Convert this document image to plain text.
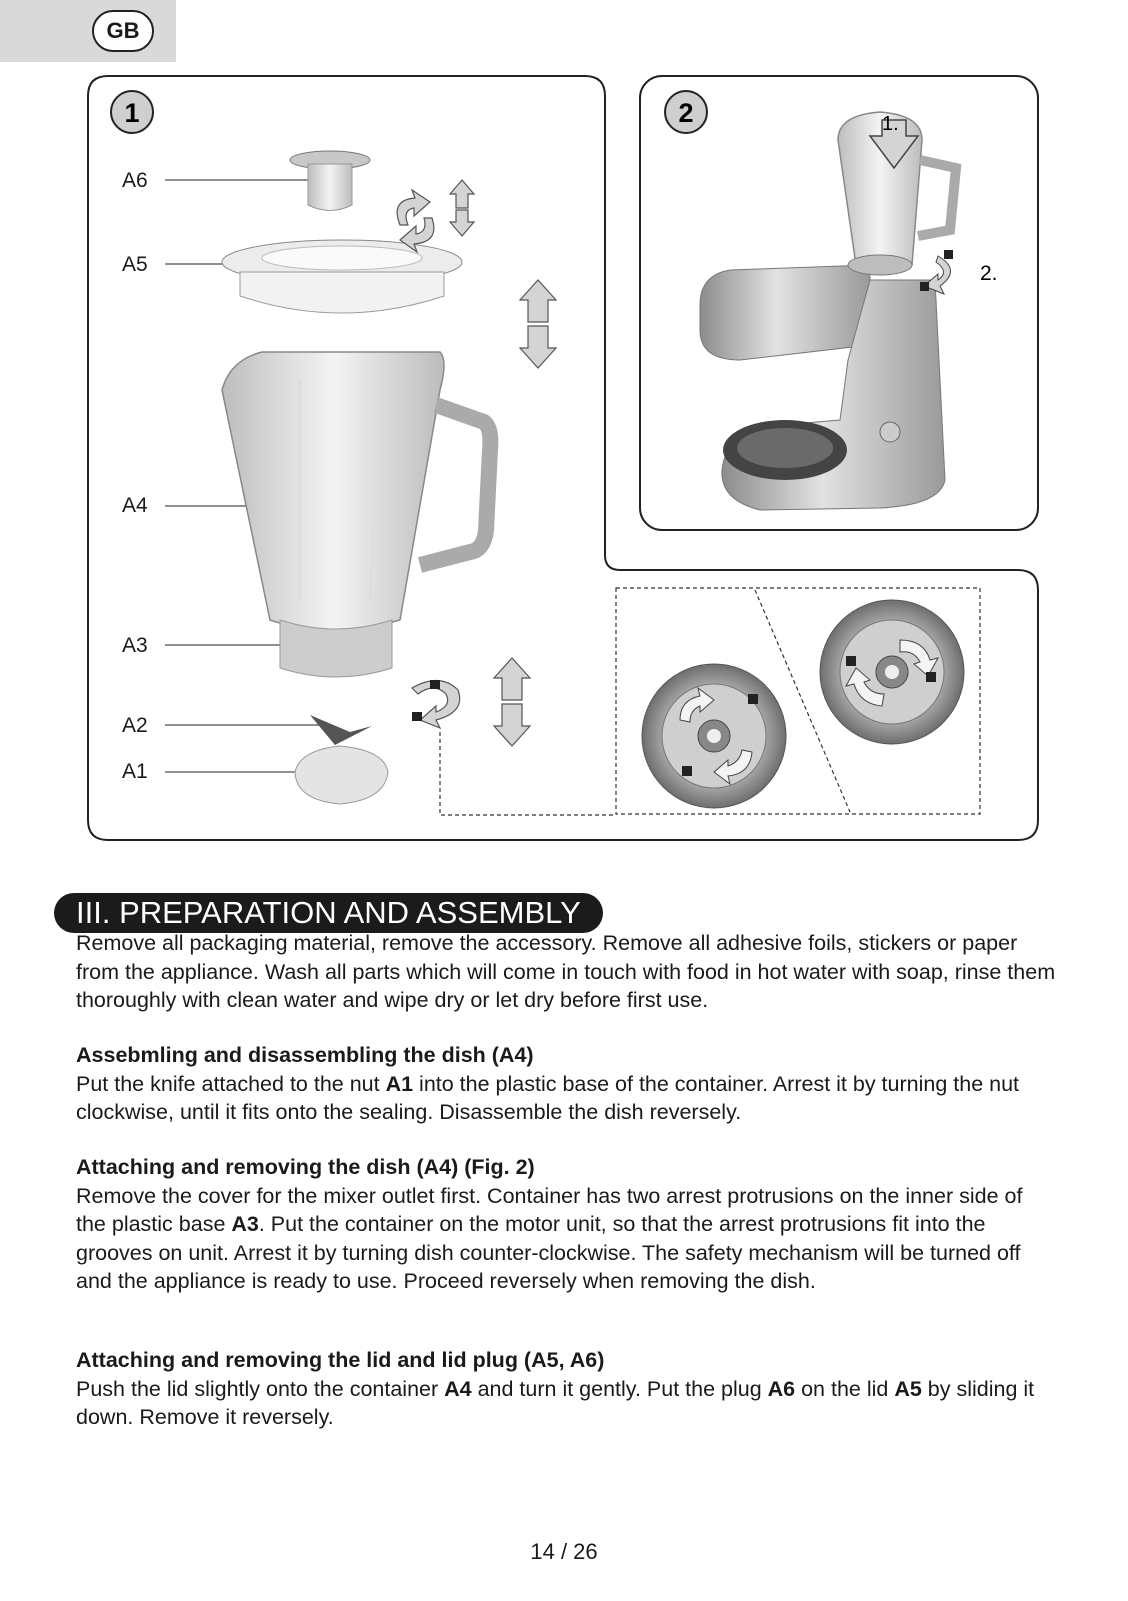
GB
1	2
A6
A5
A4
A3
A2
A1
1.
2.
III. PREPARATION AND ASSEMBLY

Remove all packaging material, remove the accessory. Remove all adhesive foils, stickers or paper from the appliance. Wash all parts which will come in touch with food in hot water with soap, rinse them thoroughly with clean water and wipe dry or let dry before first use.

Assebmling and disassembling the dish (A4)

Put the knife attached to the nut A1 into the plastic base of the container. Arrest it by turning the nut clockwise, until it fits onto the sealing. Disassemble the dish reversely.

Attaching and removing the dish (A4) (Fig. 2)

Remove the cover for the mixer outlet first. Container has two arrest protrusions on the inner side of the plastic base A3. Put the container on the motor unit, so that the arrest protrusions fit into the grooves on unit. Arrest it by turning dish counter-clockwise. The safety mechanism will be turned off and the appliance is ready to use. Proceed reversely when removing the dish.

Attaching and removing the lid and lid plug (A5, A6)

Push the lid slightly onto the container A4 and turn it gently. Put the plug A6 on the lid A5 by sliding it down. Remove it reversely.

14 / 26
